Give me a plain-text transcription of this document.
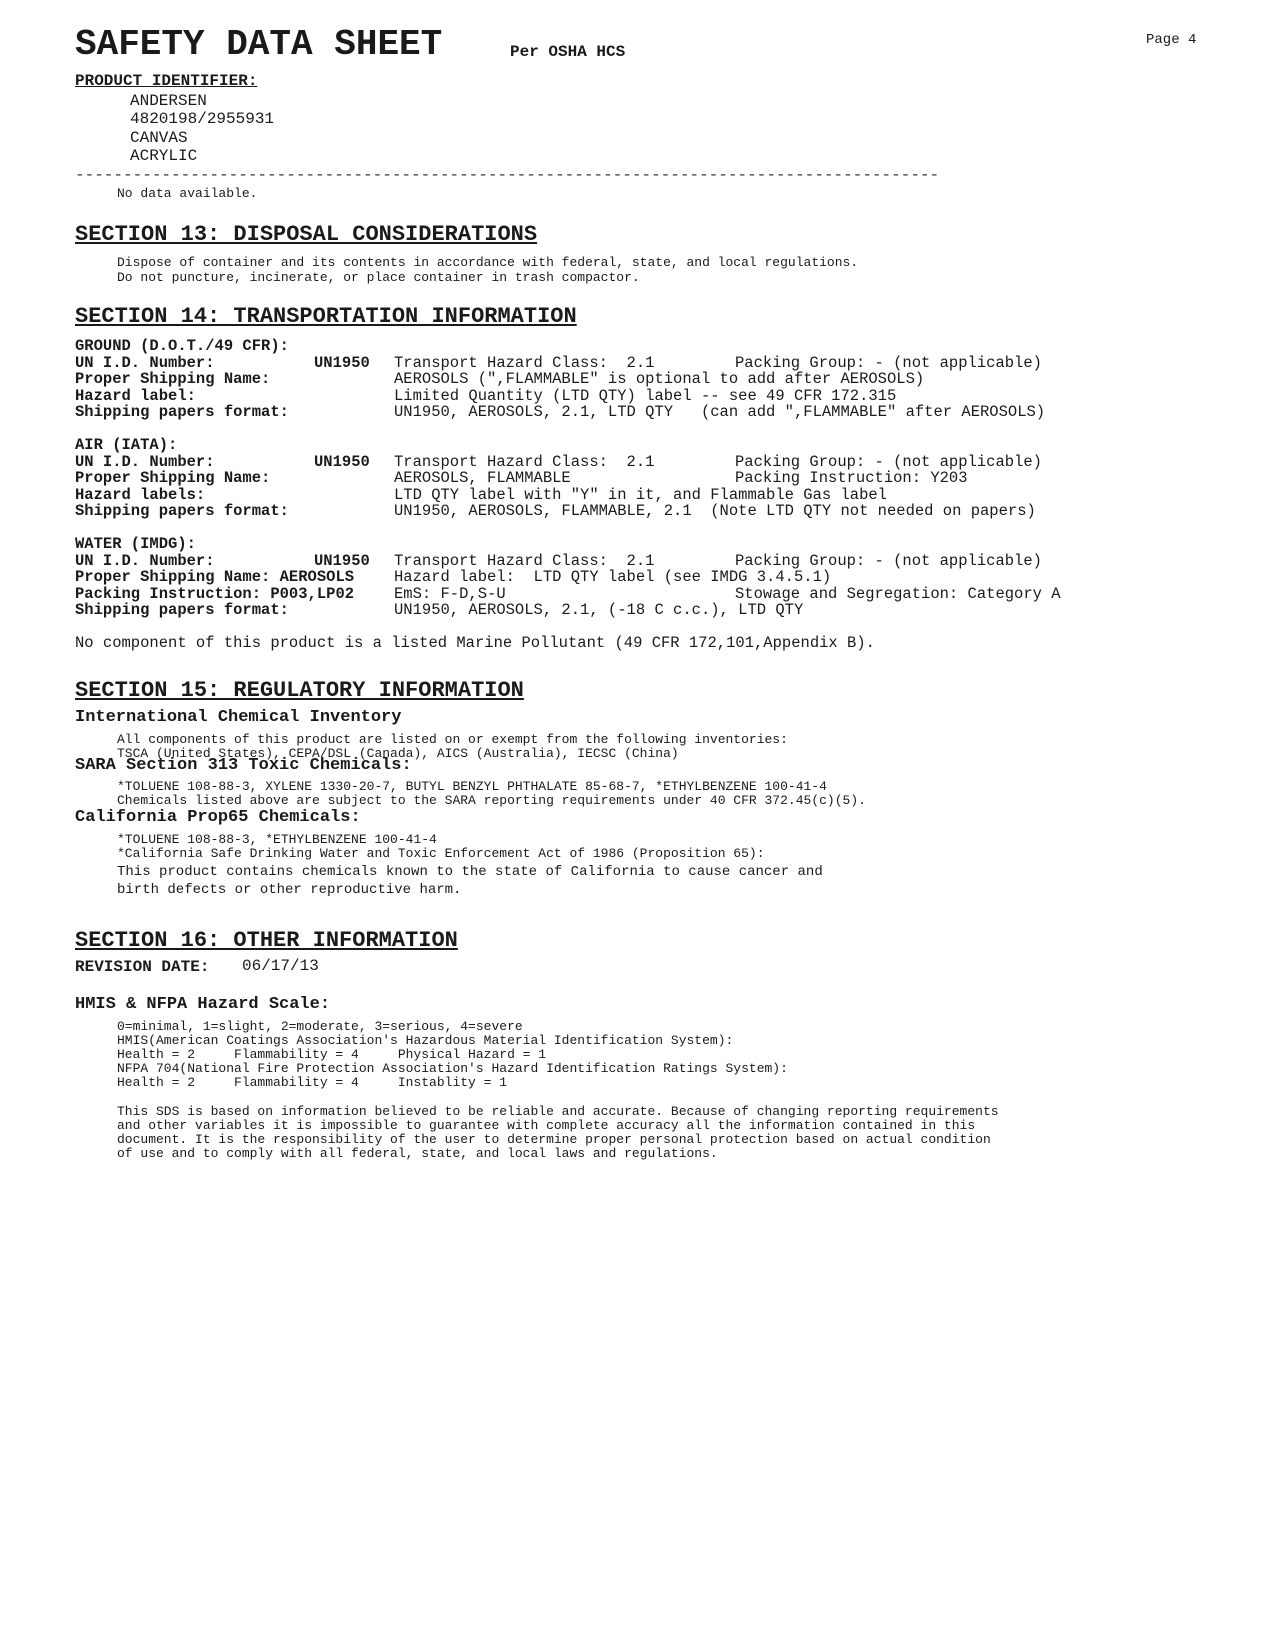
SAFETY DATA SHEET	Per OSHA HCS
Page 4
PRODUCT IDENTIFIER:
ANDERSEN
4820198/2955931
CANVAS
ACRYLIC
------------------------------------------------------------------------------------------
No data available.
SECTION 13: DISPOSAL CONSIDERATIONS
Dispose of container and its contents in accordance with federal, state, and local regulations.
Do not puncture, incinerate, or place container in trash compactor.
SECTION 14: TRANSPORTATION INFORMATION
GROUND (D.O.T./49 CFR):
UN I.D. Number:	UN1950 Transport Hazard Class:  2.1	Packing Group: - (not applicable)
Proper Shipping Name:	AEROSOLS (",FLAMMABLE" is optional to add after AEROSOLS)
Hazard label:	Limited Quantity (LTD QTY) label -- see 49 CFR 172.315
Shipping papers format:	UN1950, AEROSOLS, 2.1, LTD QTY   (can add ",FLAMMABLE" after AEROSOLS)
AIR (IATA):
UN I.D. Number:	UN1950 Transport Hazard Class:  2.1	Packing Group: - (not applicable)
Proper Shipping Name:	AEROSOLS, FLAMMABLE	Packing Instruction: Y203
Hazard labels:	LTD QTY label with "Y" in it, and Flammable Gas label
Shipping papers format:	UN1950, AEROSOLS, FLAMMABLE, 2.1  (Note LTD QTY not needed on papers)
WATER (IMDG):
UN I.D. Number:	UN1950 Transport Hazard Class:  2.1	Packing Group: - (not applicable)
Proper Shipping Name: AEROSOLS	Hazard label:  LTD QTY label (see IMDG 3.4.5.1)
Packing Instruction: P003,LP02	EmS: F-D,S-U	Stowage and Segregation: Category A
Shipping papers format:	UN1950, AEROSOLS, 2.1, (-18 C c.c.), LTD QTY
No component of this product is a listed Marine Pollutant (49 CFR 172,101,Appendix B).
SECTION 15: REGULATORY INFORMATION
International Chemical Inventory
All components of this product are listed on or exempt from the following inventories:
TSCA (United States), CEPA/DSL (Canada), AICS (Australia), IECSC (China)
SARA Section 313 Toxic Chemicals:
*TOLUENE 108-88-3, XYLENE 1330-20-7, BUTYL BENZYL PHTHALATE 85-68-7, *ETHYLBENZENE 100-41-4
Chemicals listed above are subject to the SARA reporting requirements under 40 CFR 372.45(c)(5).
California Prop65 Chemicals:
*TOLUENE 108-88-3, *ETHYLBENZENE 100-41-4
*California Safe Drinking Water and Toxic Enforcement Act of 1986 (Proposition 65):
This product contains chemicals known to the state of California to cause cancer and
birth defects or other reproductive harm.
SECTION 16: OTHER INFORMATION
REVISION DATE: 06/17/13
HMIS & NFPA Hazard Scale:
0=minimal, 1=slight, 2=moderate, 3=serious, 4=severe
HMIS(American Coatings Association's Hazardous Material Identification System):
Health = 2     Flammability = 4     Physical Hazard = 1
NFPA 704(National Fire Protection Association's Hazard Identification Ratings System):
Health = 2     Flammability = 4     Instablity = 1
This SDS is based on information believed to be reliable and accurate. Because of changing reporting requirements
and other variables it is impossible to guarantee with complete accuracy all the information contained in this
document. It is the responsibility of the user to determine proper personal protection based on actual condition
of use and to comply with all federal, state, and local laws and regulations.
